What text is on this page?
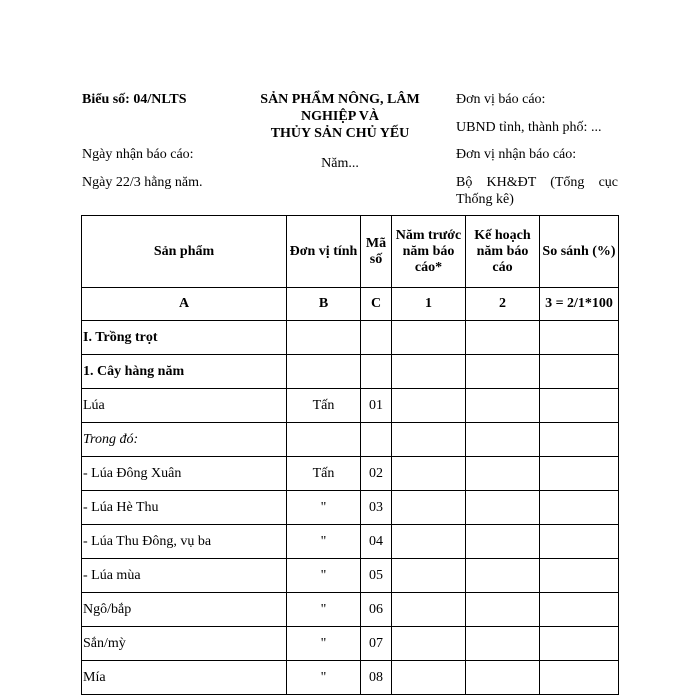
Biểu số: 04/NLTS	SẢN PHẨM NÔNG, LÂM
NGHIỆP VÀ
THỦY SẢN CHỦ YẾU
Năm...
Ngày nhận báo cáo:
Ngày 22/3 hằng năm.
Đơn vị báo cáo:
UBND tỉnh, thành phố: ...
Đơn vị nhận báo cáo:
Bộ KH&ĐT (Tổng cục
Thống kê)
Sản phẩm	Đơn vị tính	Mã số	Năm trước năm báo cáo*	Kế hoạch năm báo cáo	So sánh (%)
A	B	C	1	2	3 = 2/1*100
I. Trồng trọt					
1. Cây hàng năm					
Lúa	Tấn	01			
Trong đó:					
- Lúa Đông Xuân	Tấn	02			
- Lúa Hè Thu	"	03			
- Lúa Thu Đông, vụ ba	"	04			
- Lúa mùa	"	05			
Ngô/bắp	"	06			
Sắn/mỳ	"	07			
Mía	"	08			
